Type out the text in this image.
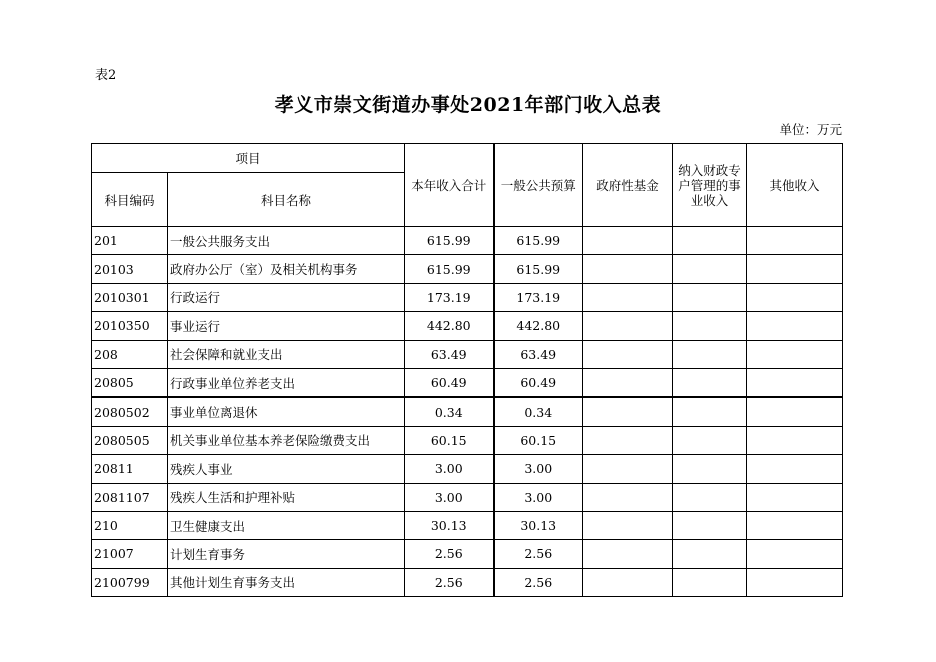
表2
孝义市崇文街道办事处2021年部门收入总表
单位：万元
项目		本年收入合计	一般公共预算	政府性基金	纳入财政专户管理的事业收入	其他收入
科目编码	科目名称					
201	一般公共服务支出	615.99	615.99			
20103	政府办公厅（室）及相关机构事务	615.99	615.99			
2010301	行政运行	173.19	173.19			
2010350	事业运行	442.80	442.80			
208	社会保障和就业支出	63.49	63.49			
20805	行政事业单位养老支出	60.49	60.49			
2080502	事业单位离退休	0.34	0.34			
2080505	机关事业单位基本养老保险缴费支出	60.15	60.15			
20811	残疾人事业	3.00	3.00			
2081107	残疾人生活和护理补贴	3.00	3.00			
210	卫生健康支出	30.13	30.13			
21007	计划生育事务	2.56	2.56			
2100799	其他计划生育事务支出	2.56	2.56			
